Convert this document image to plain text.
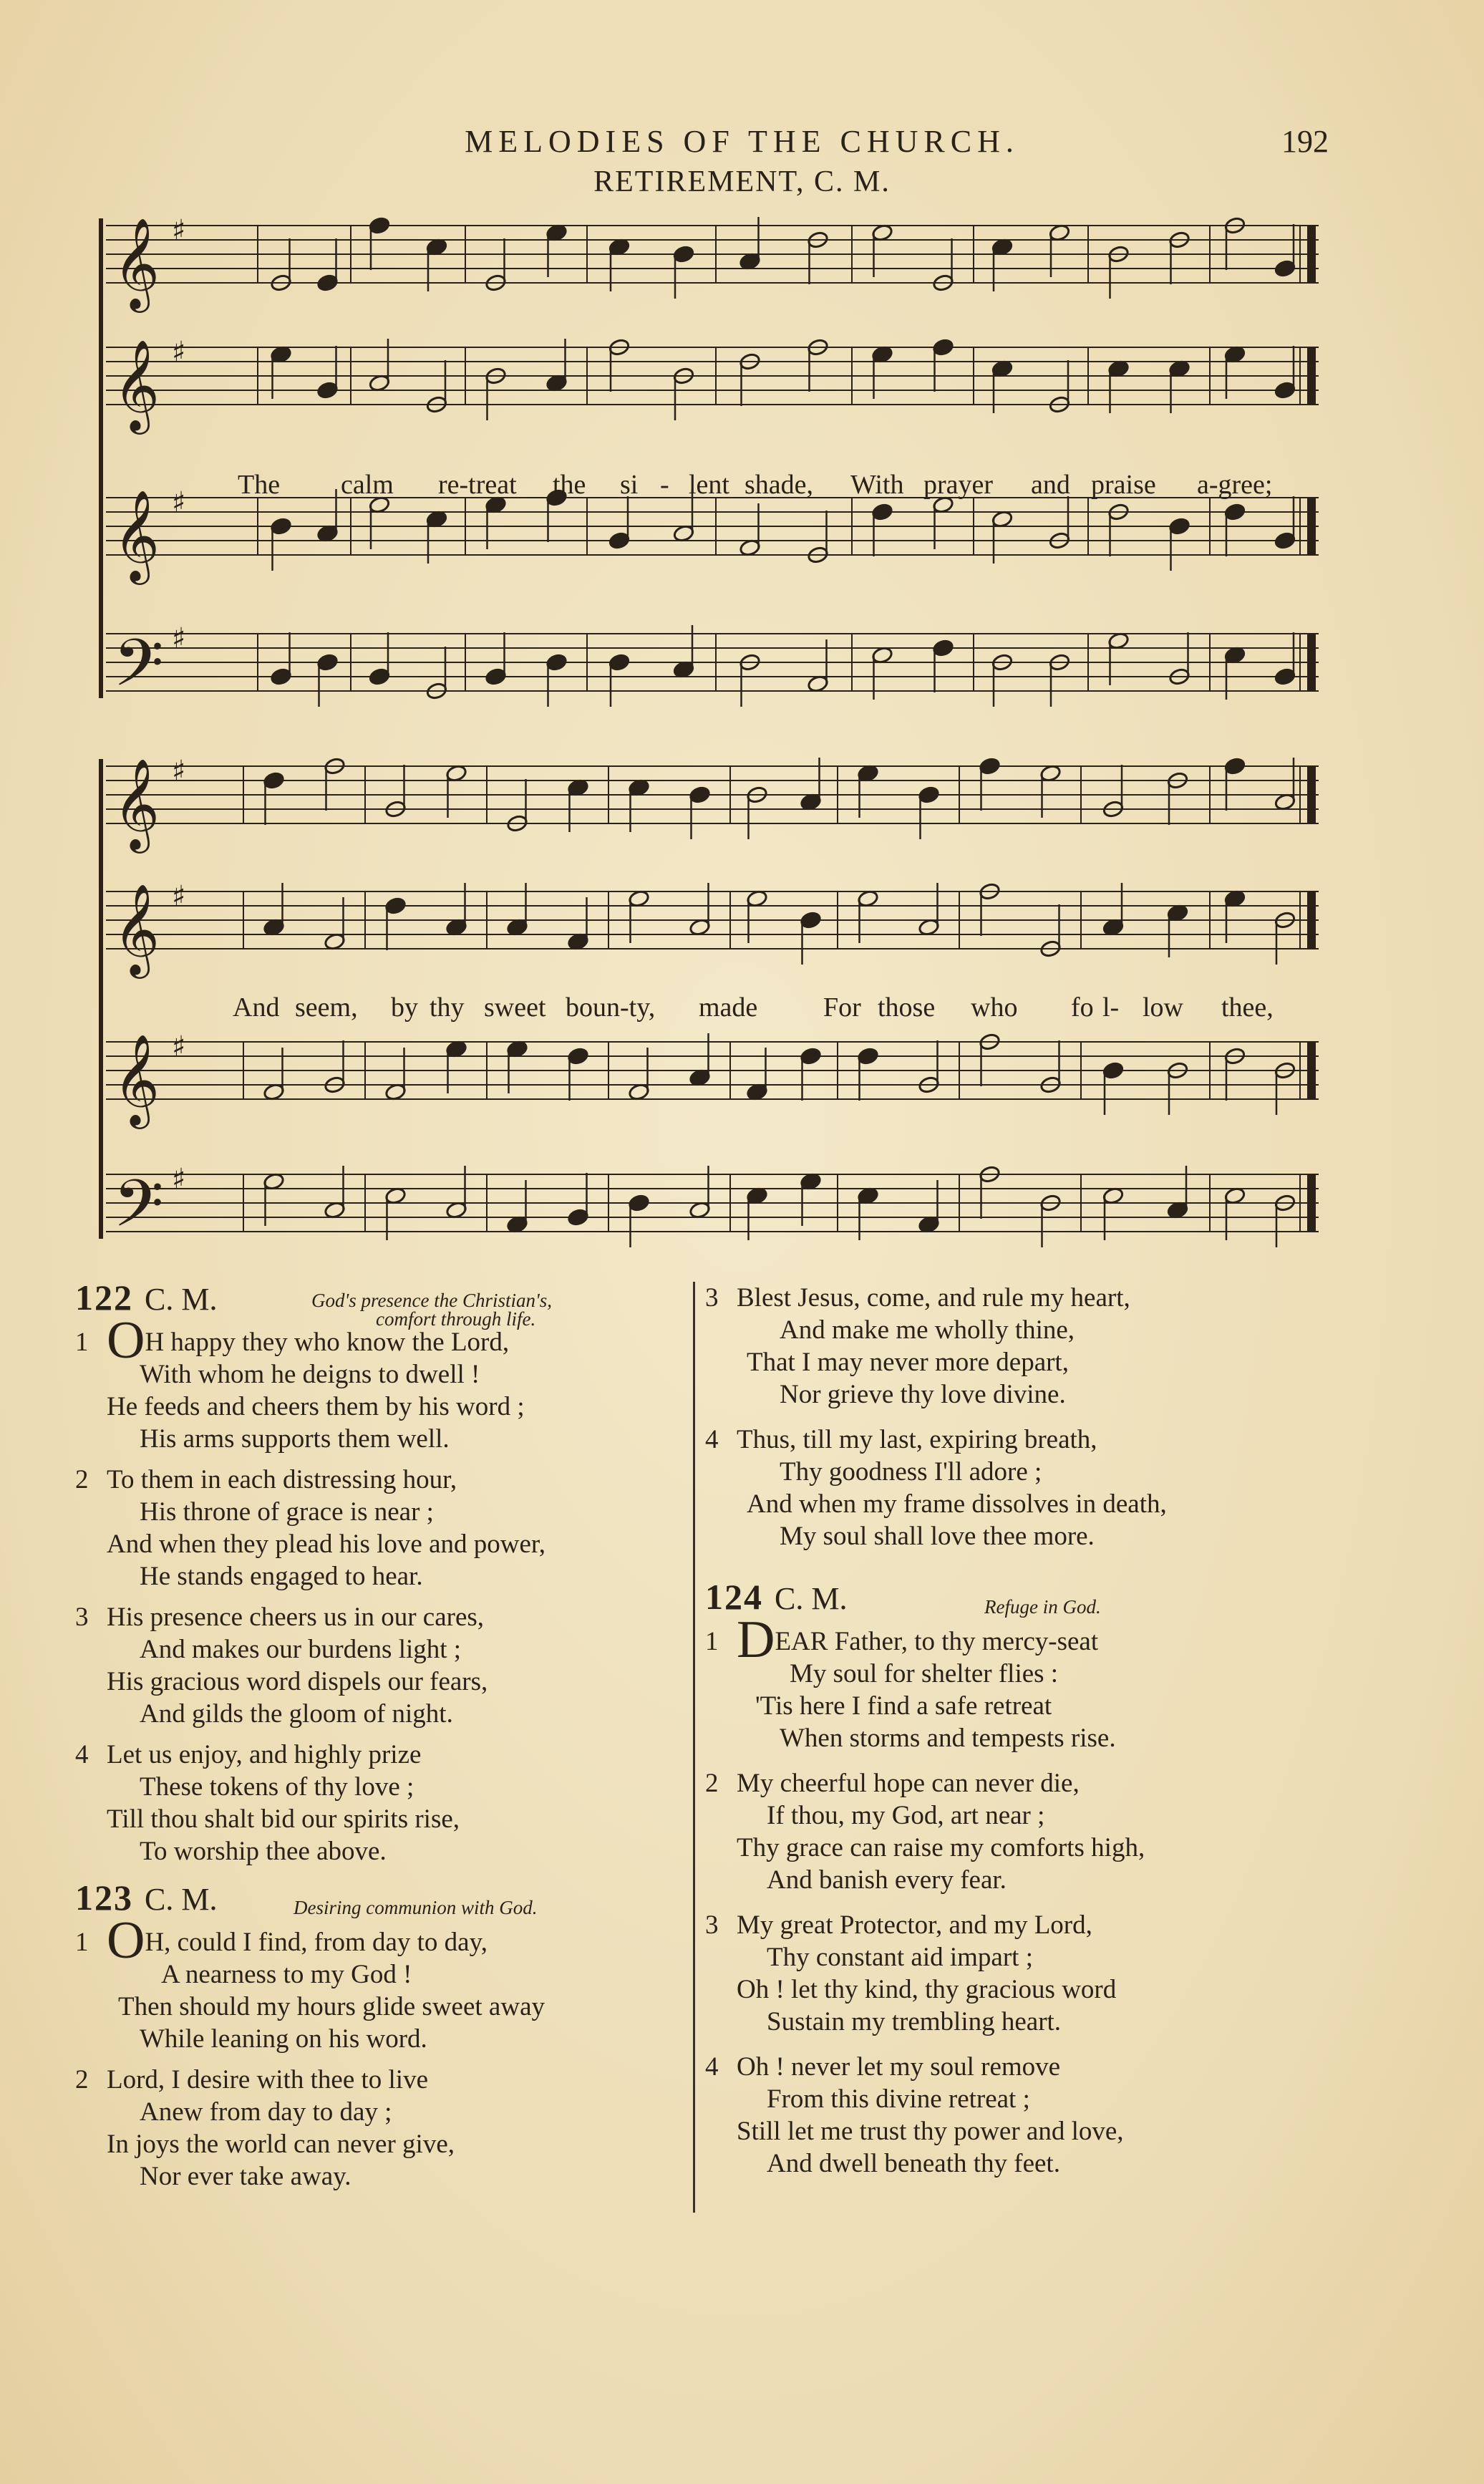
MELODIES OF THE CHURCH.	192
RETIREMENT, C. M.
𝄞 ♯
𝄞 ♯
𝄞 ♯
𝄢 ♯
The calm re-treat the si - lent shade, With prayer and praise a-gree;
𝄞 ♯
𝄞 ♯
𝄞 ♯
𝄢 ♯
And seem, by thy sweet boun-ty, made For those who fo l- low thee,
122 C. M.	God's presence the Christian's,
comfort through life.
1 OH happy they who know the Lord,
With whom he deigns to dwell !
He feeds and cheers them by his word ;
His arms supports them well.
2 To them in each distressing hour,
His throne of grace is near ;
And when they plead his love and power,
He stands engaged to hear.
3 His presence cheers us in our cares,
And makes our burdens light ;
His gracious word dispels our fears,
And gilds the gloom of night.
4 Let us enjoy, and highly prize
These tokens of thy love ;
Till thou shalt bid our spirits rise,
To worship thee above.
123 C. M.	Desiring communion with God.
1 OH, could I find, from day to day,
A nearness to my God !
Then should my hours glide sweet away
While leaning on his word.
2 Lord, I desire with thee to live
Anew from day to day ;
In joys the world can never give,
Nor ever take away.
3 Blest Jesus, come, and rule my heart,
And make me wholly thine,
That I may never more depart,
Nor grieve thy love divine.
4 Thus, till my last, expiring breath,
Thy goodness I'll adore ;
And when my frame dissolves in death,
My soul shall love thee more.
124 C. M.	Refuge in God.
1 DEAR Father, to thy mercy-seat
My soul for shelter flies :
'Tis here I find a safe retreat
When storms and tempests rise.
2 My cheerful hope can never die,
If thou, my God, art near ;
Thy grace can raise my comforts high,
And banish every fear.
3 My great Protector, and my Lord,
Thy constant aid impart ;
Oh ! let thy kind, thy gracious word
Sustain my trembling heart.
4 Oh ! never let my soul remove
From this divine retreat ;
Still let me trust thy power and love,
And dwell beneath thy feet.
